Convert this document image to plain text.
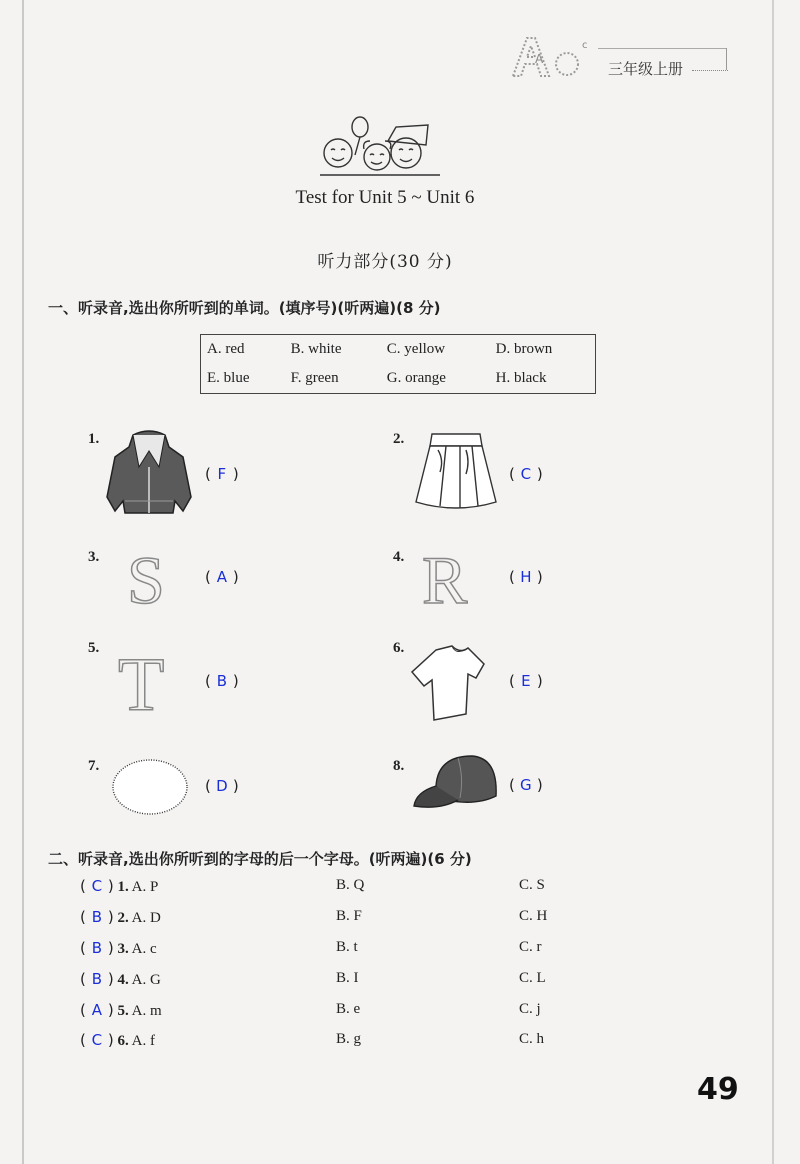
A
c
三年级上册
Test for Unit 5 ~ Unit 6
听力部分(30 分)
一、听录音,选出你所听到的单词。(填序号)(听两遍)(8 分)
A. red	B. white	C. yellow	D. brown
E. blue	F. green	G. orange	H. black
1.
( F )
2.
( C )
3. S	( A )
4. R	( H )
5. T	( B )
6.
( E )
7.
( D )
8.
( G )
二、听录音,选出你所听到的字母的后一个字母。(听两遍)(6 分)
( C ) 1. A. P	B. Q	C. S
( B ) 2. A. D	B. F	C. H
( B ) 3. A. c	B. t	C. r
( B ) 4. A. G	B. I	C. L
( A ) 5. A. m	B. e	C. j
( C ) 6. A. f	B. g	C. h
49
